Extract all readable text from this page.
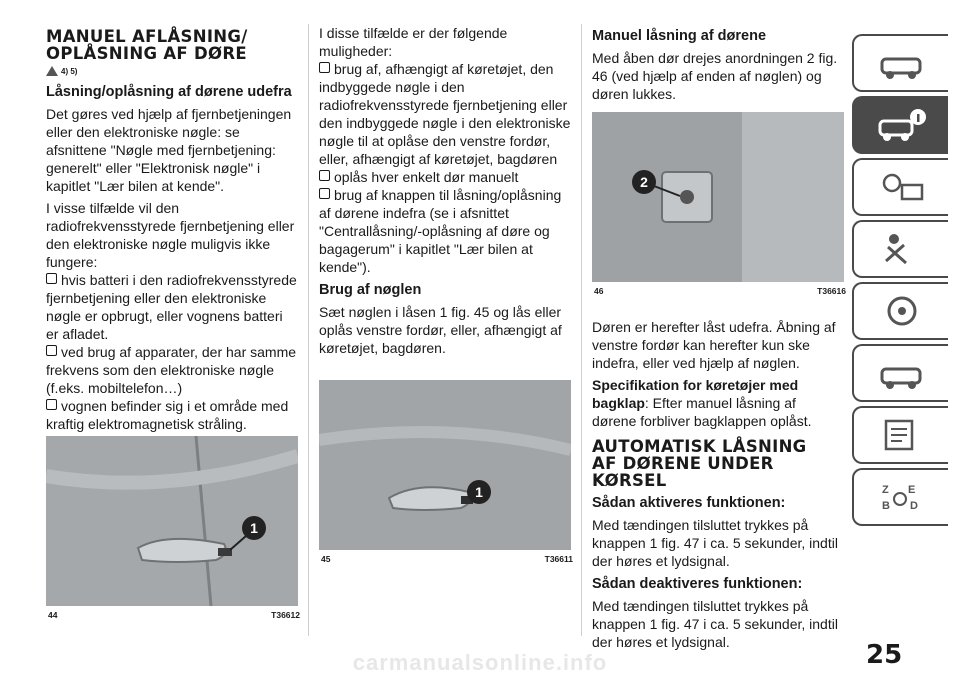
MANUEL AFLÅSNING/
OPLÅSNING AF DØRE
4) 5)
Låsning/oplåsning af dørene udefra

Det gøres ved hjælp af fjernbetjeningen eller den elektroniske nøgle: se afsnittene "Nøgle med fjernbetjening: generelt" eller "Elektronisk nøgle" i kapitlet "Lær bilen at kende".

I visse tilfælde vil den radiofrekvensstyrede fjernbetjening eller den elektroniske nøgle muligvis ikke fungere:

hvis batteri i den radiofrekvensstyrede fjernbetjening eller den elektroniske nøgle er opbrugt, eller vognens batteri er afladet.
ved brug af apparater, der har samme frekvens som den elektroniske nøgle (f.eks. mobiltelefon…)
vognen befinder sig i et område med kraftig elektromagnetisk stråling.
1
44	T36612

I disse tilfælde er der følgende muligheder:

brug af, afhængigt af køretøjet, den indbyggede nøgle i den radiofrekvensstyrede fjernbetjening eller den indbyggede nøgle i den elektroniske nøgle til at oplåse den venstre fordør, eller, afhængigt af køretøjet, bagdøren
oplås hver enkelt dør manuelt
brug af knappen til låsning/oplåsning af dørene indefra (se i afsnittet "Centrallåsning/-oplåsning af døre og bagagerum" i kapitlet "Lær bilen at kende").
Brug af nøglen

Sæt nøglen i låsen 1 fig. 45 og lås eller oplås venstre fordør, eller, afhængigt af køretøjet, bagdøren.

1
45	T36611
Manuel låsning af dørene

Med åben dør drejes anordningen 2 fig. 46 (ved hjælp af enden af nøglen) og døren lukkes.

2
46	T36616

Døren er herefter låst udefra. Åbning af venstre fordør kan herefter kun ske indefra, eller ved hjælp af nøglen.

Specifikation for køretøjer med bagklap: Efter manuel låsning af dørene forbliver bagklappen oplåst.

AUTOMATISK LÅSNING
AF DØRENE UNDER
KØRSEL
Sådan aktiveres funktionen:

Med tændingen tilsluttet trykkes på knappen 1 fig. 47 i ca. 5 sekunder, indtil der høres et lydsignal.

Sådan deaktiveres funktionen:

Med tændingen tilsluttet trykkes på knappen 1 fig. 47 i ca. 5 sekunder, indtil der høres et lydsignal.

Z E
B D
25
carmanualsonline.info
